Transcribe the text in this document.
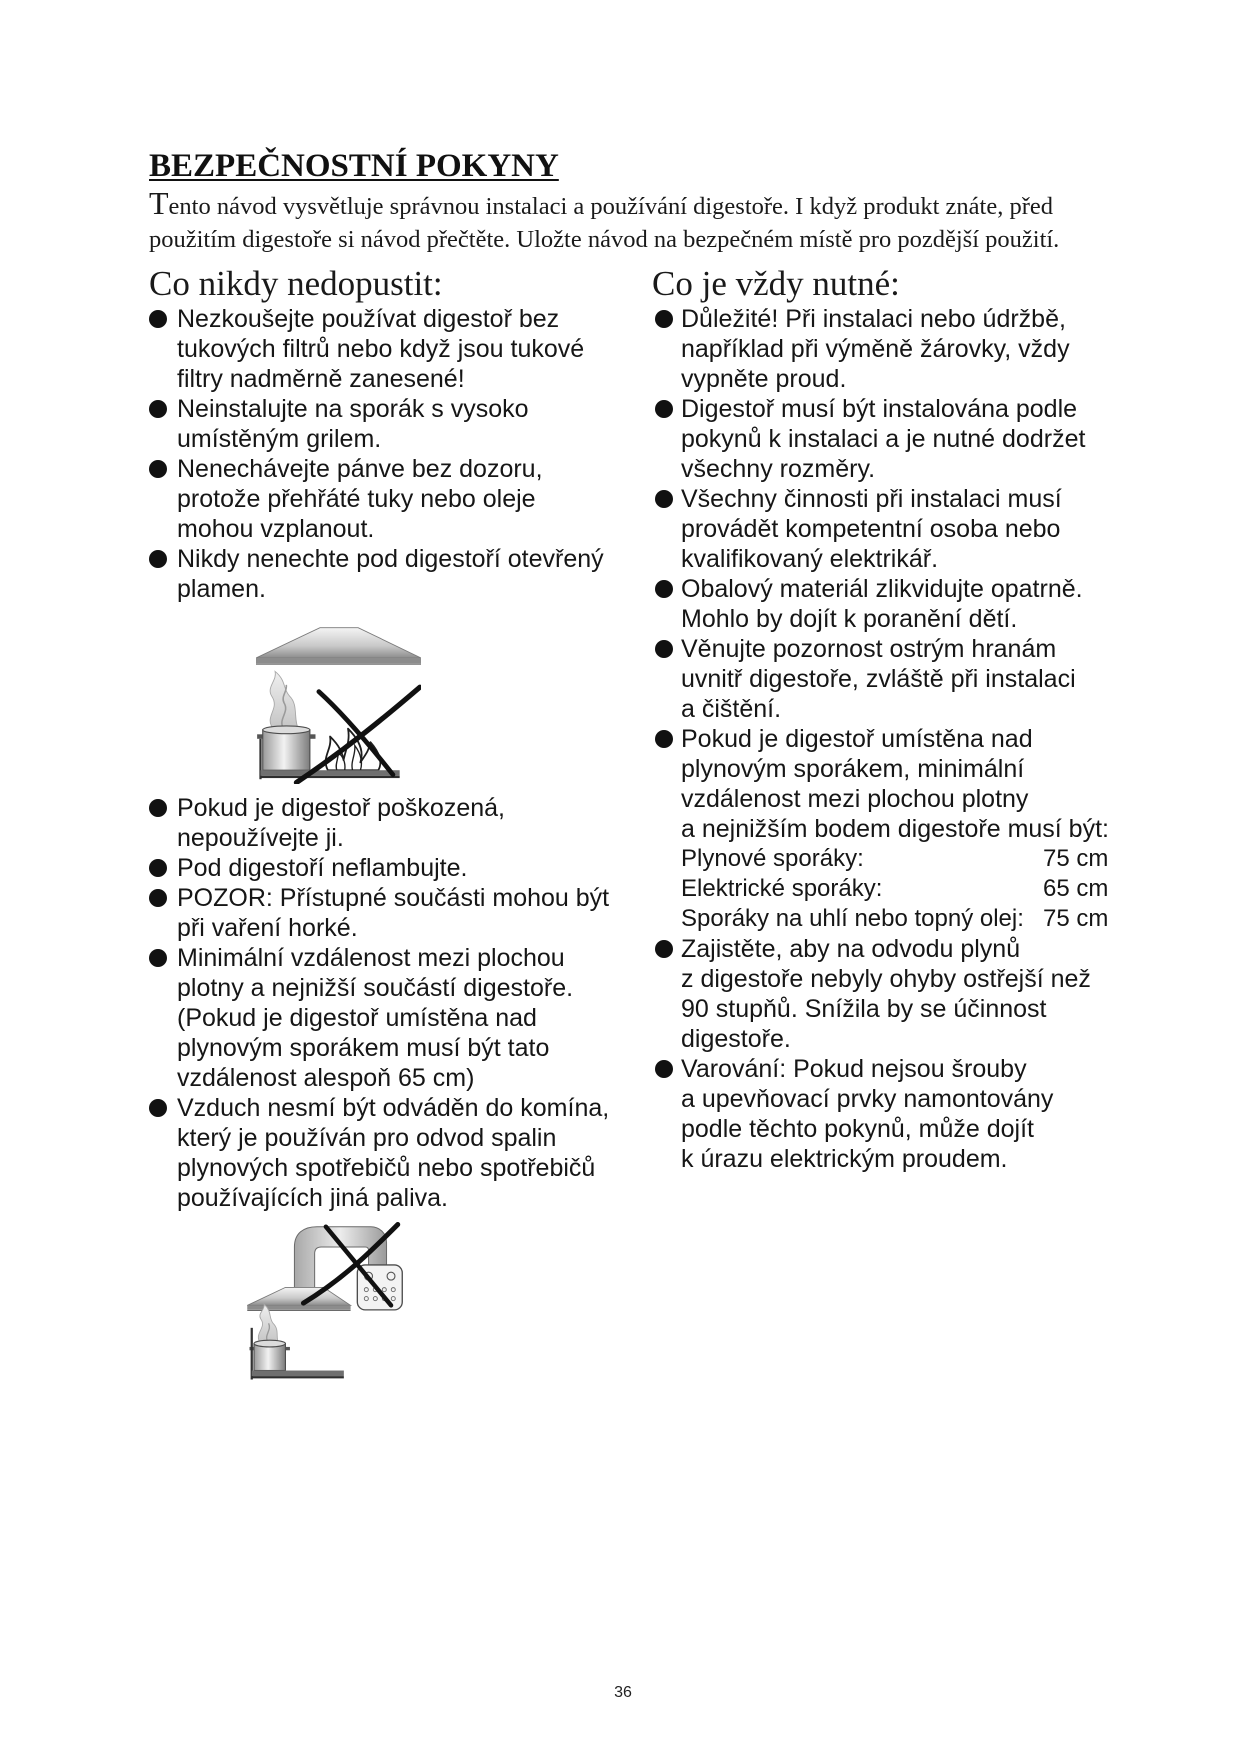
BEZPEČNOSTNÍ POKYNY
Tento návod vysvětluje správnou instalaci a používání digestoře. I když produkt znáte, před
použitím digestoře si návod přečtěte. Uložte návod na bezpečném místě pro pozdější použití.
Co nikdy nedopustit:	Co je vždy nutné:
Nezkoušejte používat digestoř bez
tukových filtrů nebo když jsou tukové
filtry nadměrně zanesené!
Neinstalujte na sporák s vysoko
umístěným grilem.
Nenechávejte pánve bez dozoru,
protože přehřáté tuky nebo oleje
mohou vzplanout.
Nikdy nenechte pod digestoří otevřený
plamen.
Pokud je digestoř poškozená,
nepoužívejte ji.
Pod digestoří neflambujte.
POZOR: Přístupné součásti mohou být
při vaření horké.
Minimální vzdálenost mezi plochou
plotny a nejnižší součástí digestoře.
(Pokud je digestoř umístěna nad
plynovým sporákem musí být tato
vzdálenost alespoň 65 cm)
Vzduch nesmí být odváděn do komína,
který je používán pro odvod spalin
plynových spotřebičů nebo spotřebičů
používajících jiná paliva.
Důležité! Při instalaci nebo údržbě,
například při výměně žárovky, vždy
vypněte proud.
Digestoř musí být instalována podle
pokynů k instalaci a je nutné dodržet
všechny rozměry.
Všechny činnosti při instalaci musí
provádět kompetentní osoba nebo
kvalifikovaný elektrikář.
Obalový materiál zlikvidujte opatrně.
Mohlo by dojít k poranění dětí.
Věnujte pozornost ostrým hranám
uvnitř digestoře, zvláště při instalaci
a čištění.
Pokud je digestoř umístěna nad
plynovým sporákem, minimální
vzdálenost mezi plochou plotny
a nejnižším bodem digestoře musí být:
Plynové sporáky:	75 cm
Elektrické sporáky:	65 cm
Sporáky na uhlí nebo topný olej: 75 cm
Zajistěte, aby na odvodu plynů
z digestoře nebyly ohyby ostřejší než
90 stupňů. Snížila by se účinnost
digestoře.
Varování: Pokud nejsou šrouby
a upevňovací prvky namontovány
podle těchto pokynů, může dojít
k úrazu elektrickým proudem.
36
